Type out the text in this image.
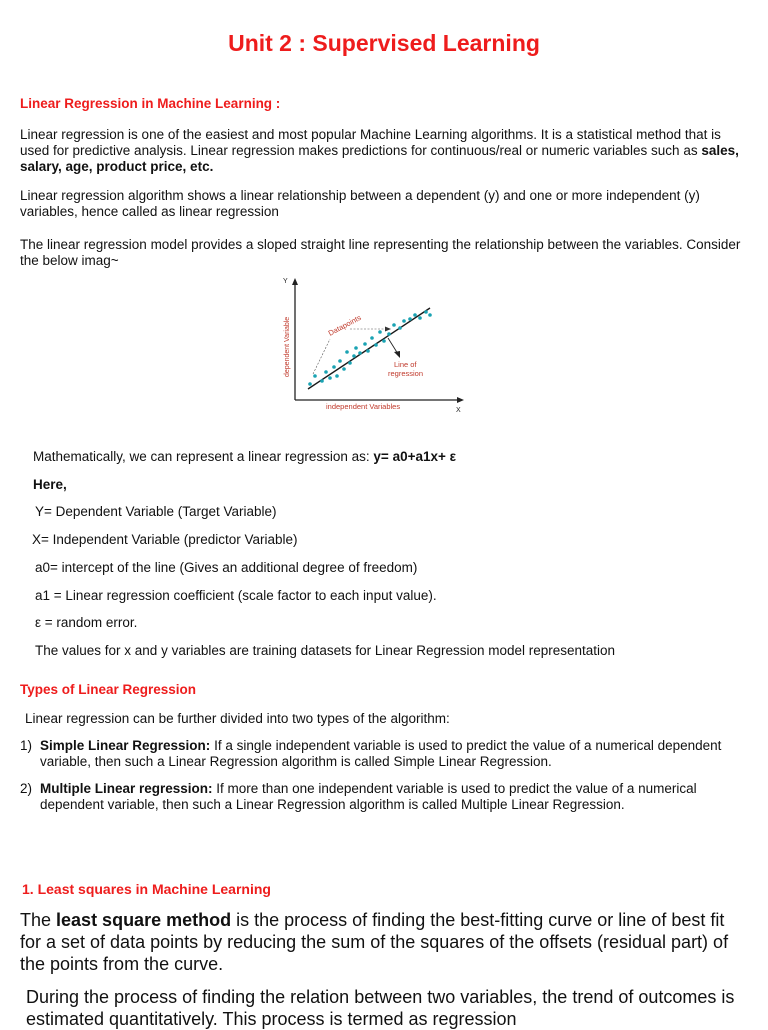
Unit 2 : Supervised Learning
Linear Regression in Machine Learning :
Linear regression is one of the easiest and most popular Machine Learning algorithms. It is a statistical method that is used for predictive analysis. Linear regression makes predictions for continuous/real or numeric variables such as sales, salary, age, product price, etc.
Linear regression algorithm shows a linear relationship between a dependent (y) and one or more independent (y) variables, hence called as linear regression
The linear regression model provides a sloped straight line representing the relationship between the variables. Consider the below imag~
Y
X
dependent Variable
independent Variables
Datapoints
Line of
regression
Mathematically, we can represent a linear regression as: y= a0+a1x+ ε
Here,
Y= Dependent Variable (Target Variable)
X= Independent Variable (predictor Variable)
a0= intercept of the line (Gives an additional degree of freedom)
a1 = Linear regression coefficient (scale factor to each input value).
ε = random error.
The values for x and y variables are training datasets for Linear Regression model representation
Types of Linear Regression
Linear regression can be further divided into two types of the algorithm:
1) Simple Linear Regression: If a single independent variable is used to predict the value of a numerical dependent variable, then such a Linear Regression algorithm is called Simple Linear Regression.
2) Multiple Linear regression: If more than one independent variable is used to predict the value of a numerical dependent variable, then such a Linear Regression algorithm is called Multiple Linear Regression.
1. Least squares in Machine Learning
The least square method is the process of finding the best-fitting curve or line of best fit for a set of data points by reducing the sum of the squares of the offsets (residual part) of the points from the curve.
During the process of finding the relation between two variables, the trend of outcomes is estimated quantitatively. This process is termed as regression
